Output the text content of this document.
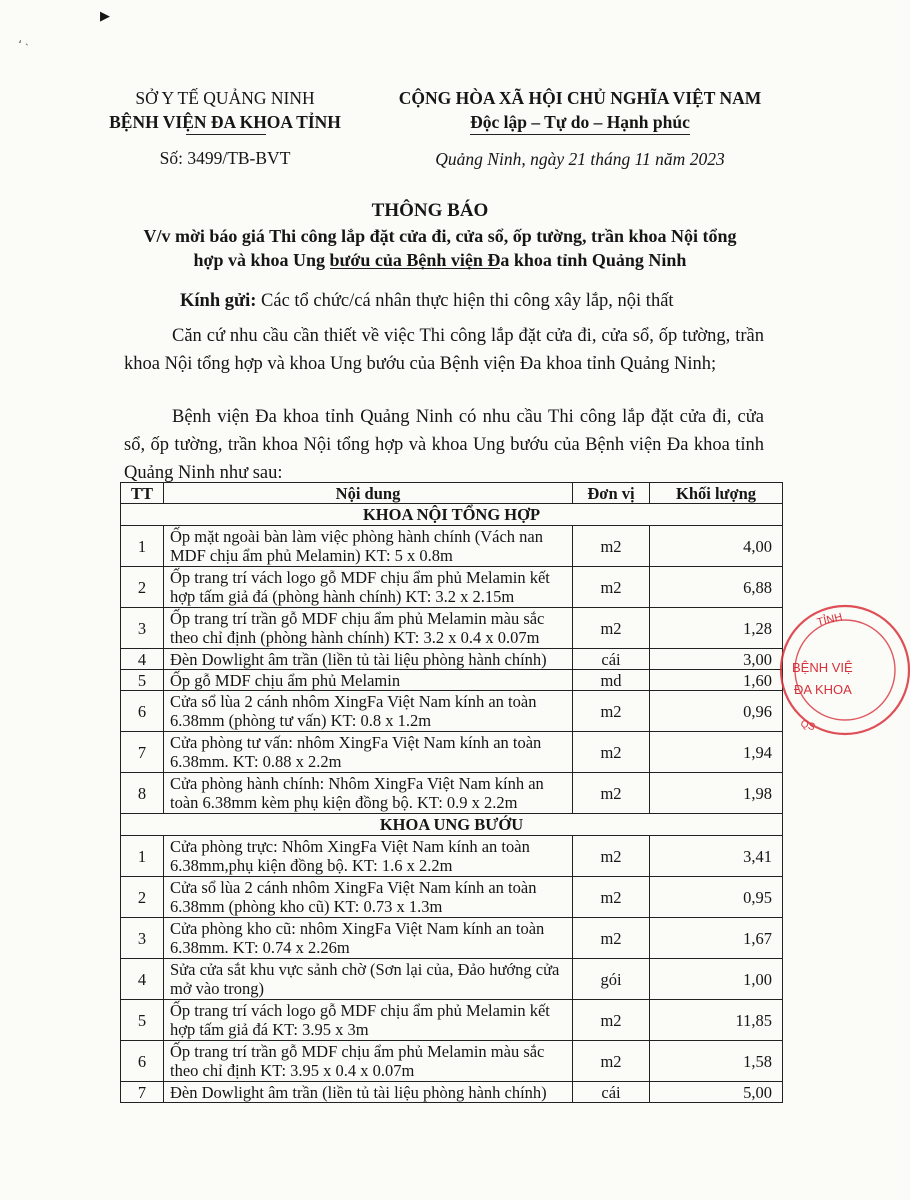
▶
، ˎ
SỞ Y TẾ QUẢNG NINH
BỆNH VIỆN ĐA KHOA TỈNH
Số: 3499/TB-BVT
CỘNG HÒA XÃ HỘI CHỦ NGHĨA VIỆT NAM
Độc lập – Tự do – Hạnh phúc
Quảng Ninh, ngày 21 tháng 11 năm 2023
THÔNG BÁO
V/v mời báo giá Thi công lắp đặt cửa đi, cửa sổ, ốp tường, trần khoa Nội tổng hợp và khoa Ung bướu của Bệnh viện Đa khoa tỉnh Quảng Ninh
Kính gửi: Các tổ chức/cá nhân thực hiện thi công xây lắp, nội thất
Căn cứ nhu cầu cần thiết về việc Thi công lắp đặt cửa đi, cửa sổ, ốp tường, trần khoa Nội tổng hợp và khoa Ung bướu của Bệnh viện Đa khoa tỉnh Quảng Ninh;
Bệnh viện Đa khoa tỉnh Quảng Ninh có nhu cầu Thi công lắp đặt cửa đi, cửa sổ, ốp tường, trần khoa Nội tổng hợp và khoa Ung bướu của Bệnh viện Đa khoa tỉnh Quảng Ninh như sau:
TT	Nội dung	Đơn vị	Khối lượng
KHOA NỘI TỔNG HỢP			
1	Ốp mặt ngoài bàn làm việc phòng hành chính (Vách nan MDF chịu ẩm phủ Melamin) KT: 5 x 0.8m	m2	4,00
2	Ốp trang trí vách logo gỗ MDF chịu ẩm phủ Melamin kết hợp tấm giả đá (phòng hành chính) KT: 3.2 x 2.15m	m2	6,88
3	Ốp trang trí trần gỗ MDF chịu ẩm phủ Melamin màu sắc theo chỉ định (phòng hành chính) KT: 3.2 x 0.4 x 0.07m	m2	1,28
4	Đèn Dowlight âm trần (liền tủ tài liệu phòng hành chính)	cái	3,00
5	Ốp gỗ MDF chịu ẩm phủ Melamin	md	1,60
6	Cửa sổ lùa 2 cánh nhôm XingFa Việt Nam kính an toàn 6.38mm (phòng tư vấn) KT: 0.8 x 1.2m	m2	0,96
7	Cửa phòng tư vấn: nhôm XingFa Việt Nam kính an toàn 6.38mm. KT: 0.88 x 2.2m	m2	1,94
8	Cửa phòng hành chính: Nhôm XingFa Việt Nam kính an toàn 6.38mm kèm phụ kiện đồng bộ. KT: 0.9 x 2.2m	m2	1,98
KHOA UNG BƯỚU			
1	Cửa phòng trực: Nhôm XingFa Việt Nam kính an toàn 6.38mm,phụ kiện đồng bộ. KT: 1.6 x 2.2m	m2	3,41
2	Cửa sổ lùa 2 cánh nhôm XingFa Việt Nam kính an toàn 6.38mm (phòng kho cũ) KT: 0.73 x 1.3m	m2	0,95
3	Cửa phòng kho cũ: nhôm XingFa Việt Nam kính an toàn 6.38mm. KT: 0.74 x 2.26m	m2	1,67
4	Sửa cửa sắt khu vực sảnh chờ (Sơn lại của, Đảo hướng cửa mở vào trong)	gói	1,00
5	Ốp trang trí vách logo gỗ MDF chịu ẩm phủ Melamin kết hợp tấm giả đá KT: 3.95 x 3m	m2	11,85
6	Ốp trang trí trần gỗ MDF chịu ẩm phủ Melamin màu sắc theo chỉ định KT: 3.95 x 0.4 x 0.07m	m2	1,58
7	Đèn Dowlight âm trần (liền tủ tài liệu phòng hành chính)	cái	5,00
TỈNH
BỆNH VIỆ
ĐA KHOA
QS
